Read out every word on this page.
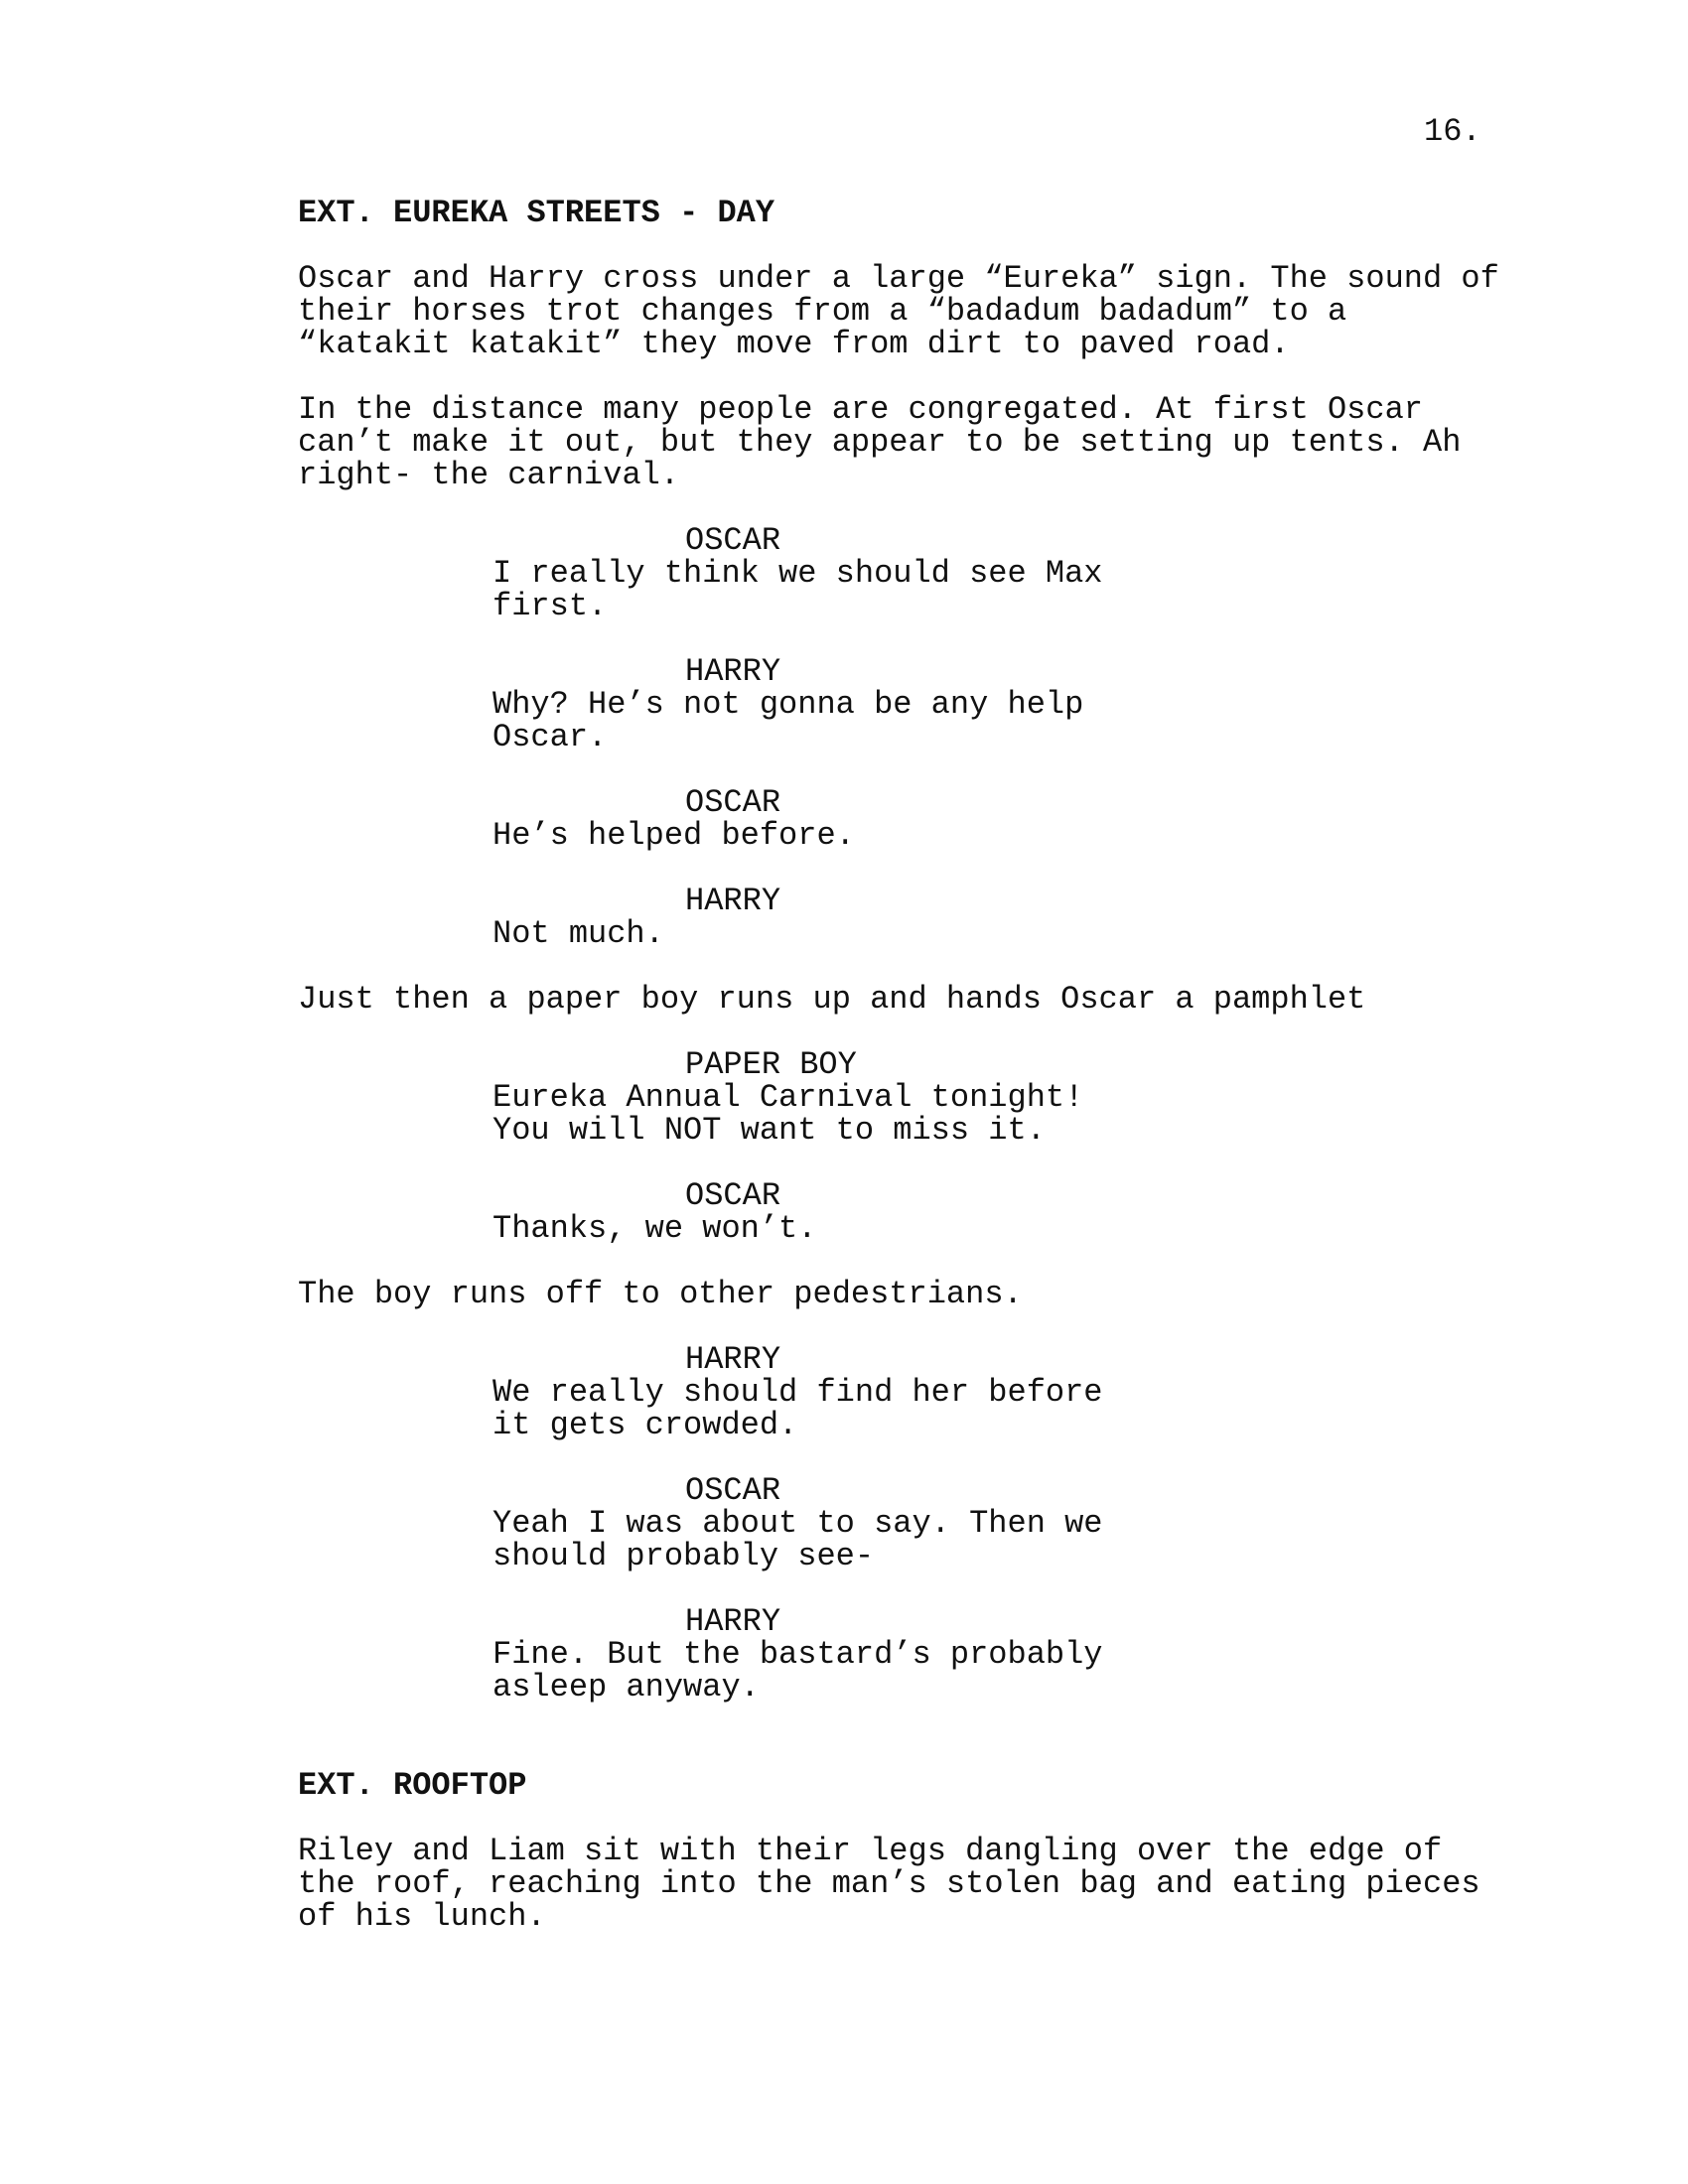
16.
EXT. EUREKA STREETS - DAY
Oscar and Harry cross under a large “Eureka” sign. The sound of
their horses trot changes from a “badadum badadum” to a
“katakit katakit” they move from dirt to paved road.
In the distance many people are congregated. At first Oscar
can’t make it out, but they appear to be setting up tents. Ah
right- the carnival.
OSCAR
I really think we should see Max
first.
HARRY
Why? He’s not gonna be any help
Oscar.
OSCAR
He’s helped before.
HARRY
Not much.
Just then a paper boy runs up and hands Oscar a pamphlet
PAPER BOY
Eureka Annual Carnival tonight!
You will NOT want to miss it.
OSCAR
Thanks, we won’t.
The boy runs off to other pedestrians.
HARRY
We really should find her before
it gets crowded.
OSCAR
Yeah I was about to say. Then we
should probably see-
HARRY
Fine. But the bastard’s probably
asleep anyway.
EXT. ROOFTOP
Riley and Liam sit with their legs dangling over the edge of
the roof, reaching into the man’s stolen bag and eating pieces
of his lunch.
